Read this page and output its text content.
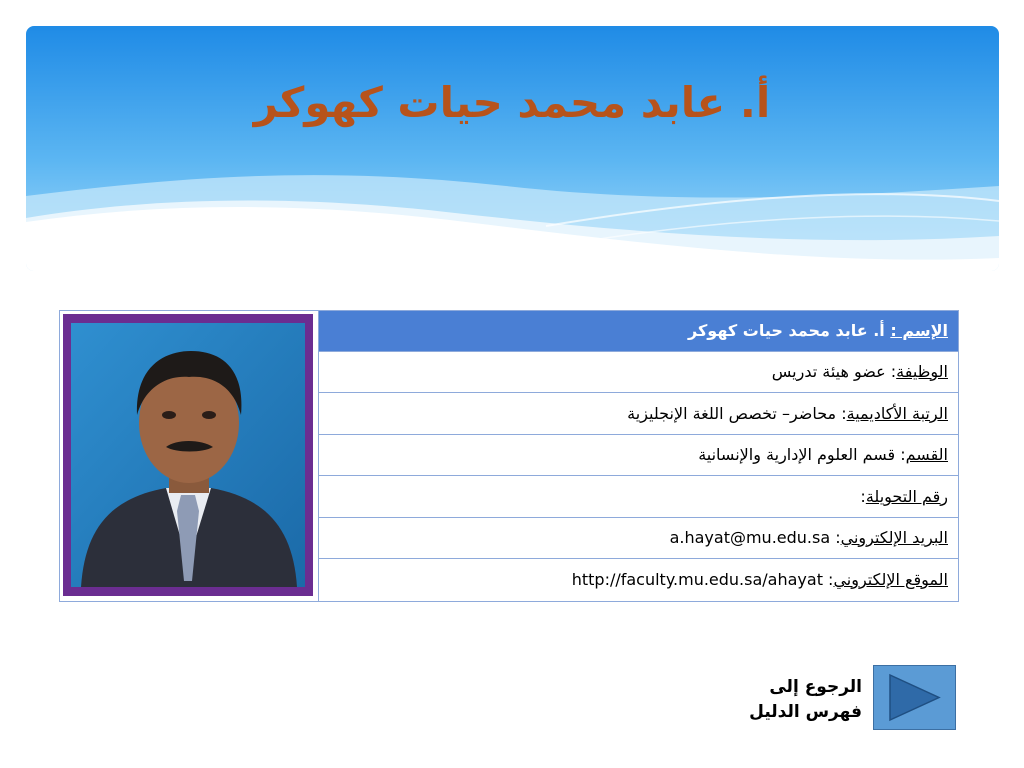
أ. عابد محمد حيات كهوكر
الإسم : أ. عابد محمد حيات كهوكر
الوظيفة: عضو هيئة تدريس
الرتبة الأكاديمية: محاضر– تخصص اللغة الإنجليزية
القسم: قسم العلوم الإدارية والإنسانية
رقم التحويلة:
البريد الإلكتروني: a.hayat@mu.edu.sa
الموقع الإلكتروني: http://faculty.mu.edu.sa/ahayat
الرجوع إلى
فهرس الدليل
